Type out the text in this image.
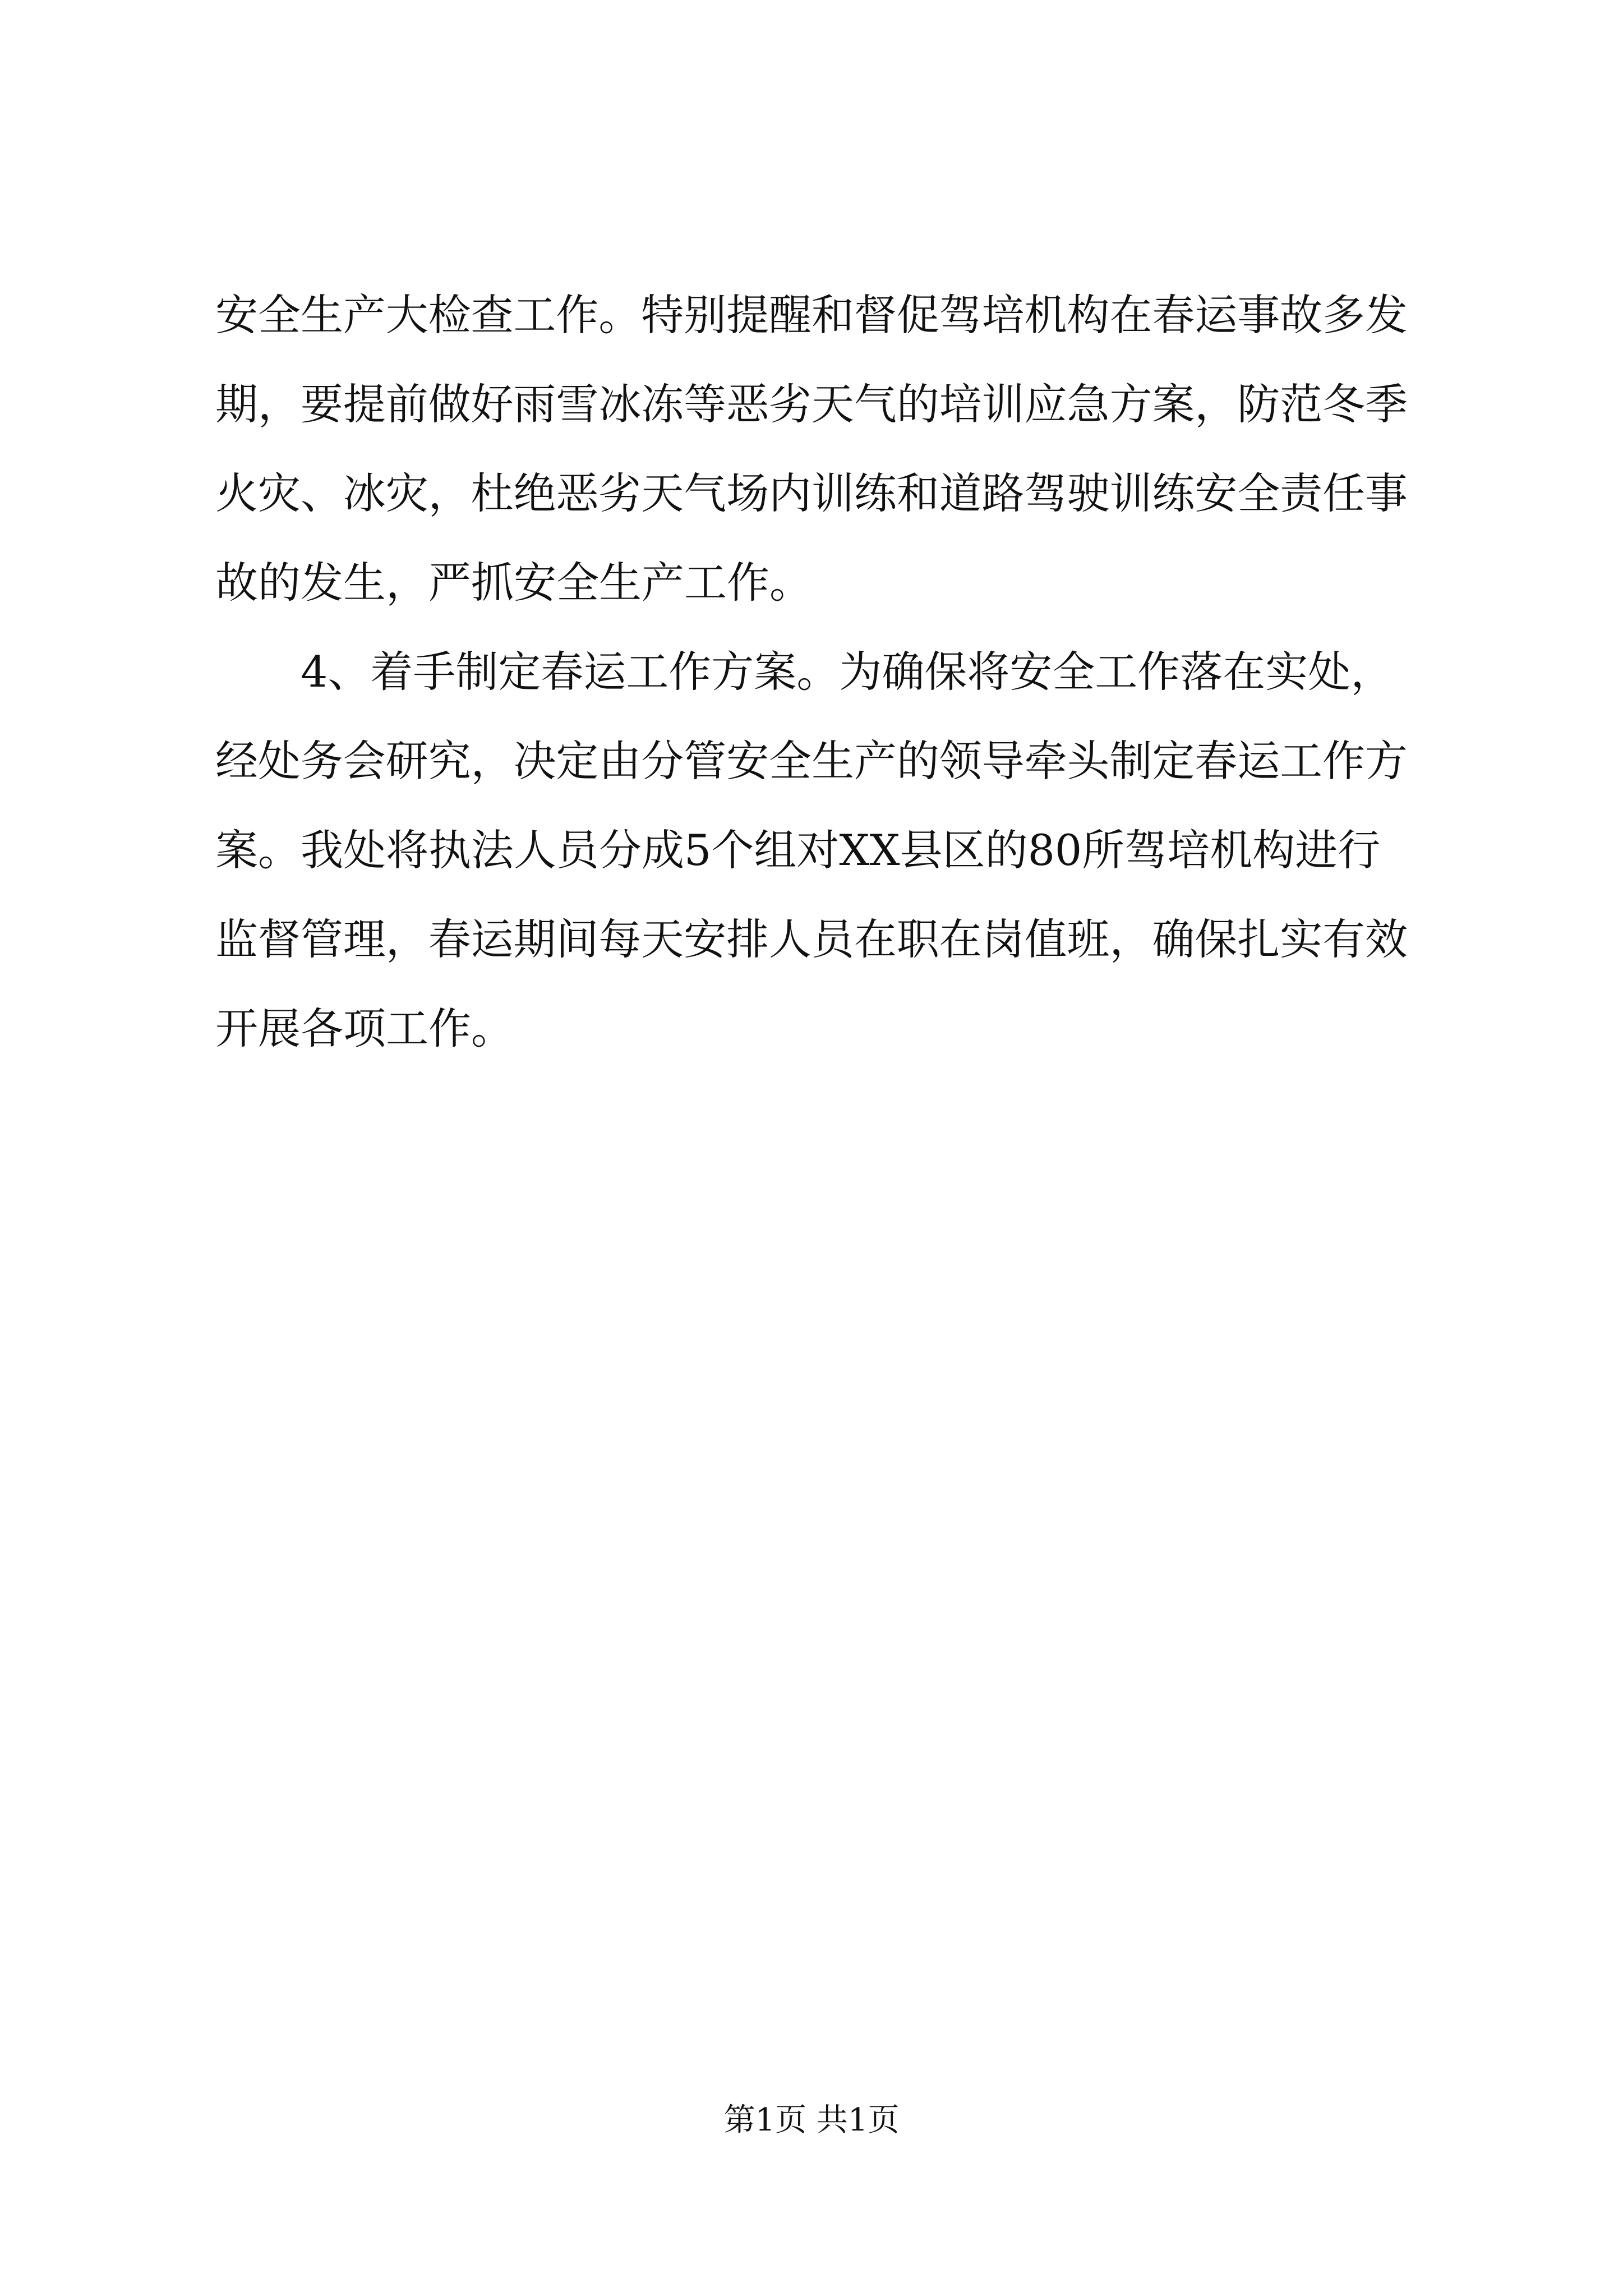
安全生产大检查工作。特别提醒和督促驾培机构在春运事故多发
期，要提前做好雨雪冰冻等恶劣天气的培训应急方案，防范冬季
火灾、冰灾，杜绝恶劣天气场内训练和道路驾驶训练安全责任事
故的发生，严抓安全生产工作。
4、着手制定春运工作方案。为确保将安全工作落在实处，
经处务会研究，决定由分管安全生产的领导牵头制定春运工作方
案。我处将执法人员分成5个组对XX县区的80所驾培机构进行
监督管理，春运期间每天安排人员在职在岗值班，确保扎实有效
开展各项工作。
第1页 共1页
